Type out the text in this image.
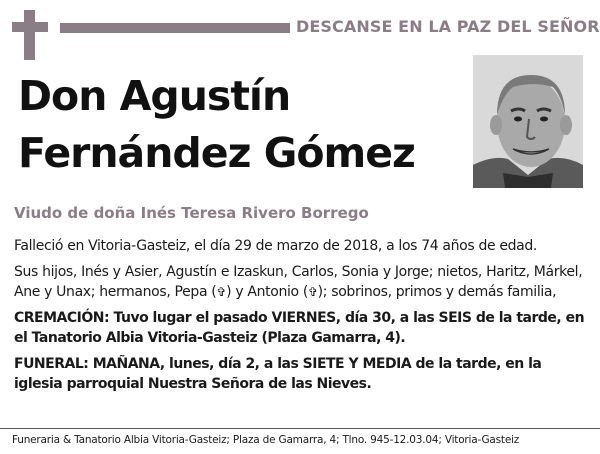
DESCANSE EN LA PAZ DEL SEÑOR
Don Agustín
Fernández Gómez
Viudo de doña Inés Teresa Rivero Borrego

Falleció en Vitoria-Gasteiz, el día 29 de marzo de 2018, a los 74 años de edad.

Sus hijos, Inés y Asier, Agustín e Izaskun, Carlos, Sonia y Jorge; nietos, Haritz, Márkel, Ane y Unax; hermanos, Pepa (✞) y Antonio (✞); sobrinos, primos y demás familia,

CREMACIÓN: Tuvo lugar el pasado VIERNES, día 30, a las SEIS de la tarde, en el Tanatorio Albia Vitoria-Gasteiz (Plaza Gamarra, 4).

FUNERAL: MAÑANA, lunes, día 2, a las SIETE Y MEDIA de la tarde, en la iglesia parroquial Nuestra Señora de las Nieves.

Funeraria & Tanatorio Albia Vitoria-Gasteiz; Plaza de Gamarra, 4; Tlno. 945-12.03.04; Vitoria-Gasteiz
